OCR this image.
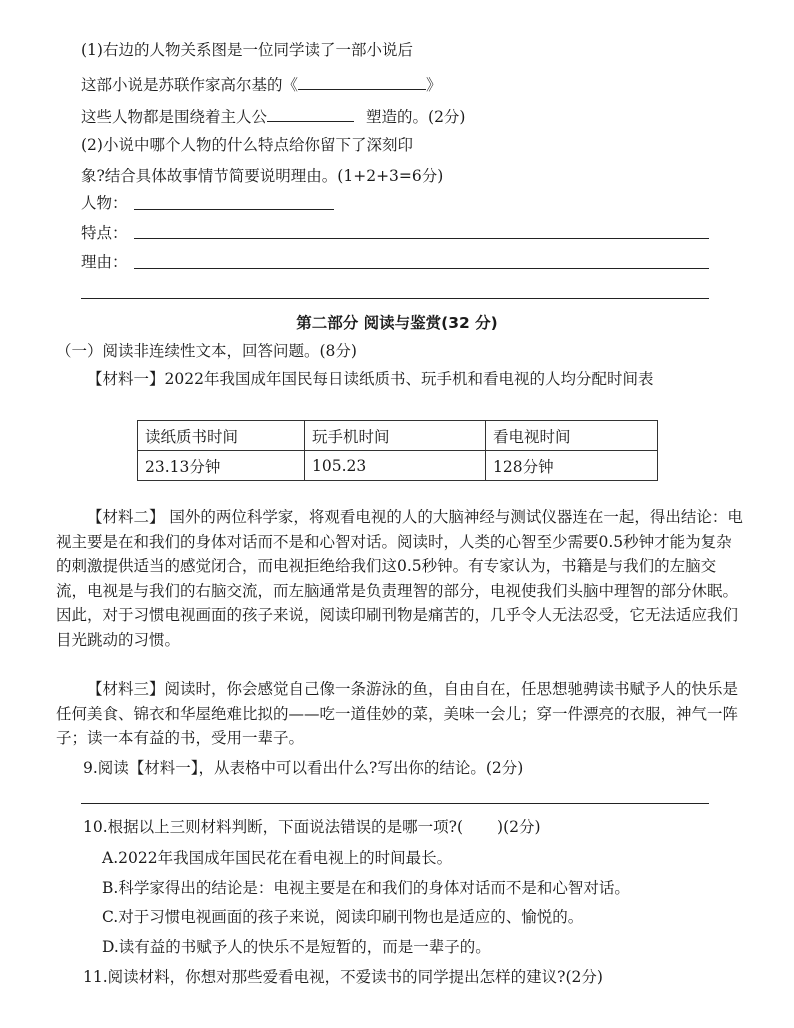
(1)右边的人物关系图是一位同学读了一部小说后
这部小说是苏联作家高尔基的《	》
这些人物都是围绕着主人公	塑造的。(2分)
(2)小说中哪个人物的什么特点给你留下了深刻印
象?结合具体故事情节简要说明理由。(1+2+3=6分)
人物：
特点：
理由：
第二部分 阅读与鉴赏(32 分)
（一）阅读非连续性文本，回答问题。(8分)
【材料一】2022年我国成年国民每日读纸质书、玩手机和看电视的人均分配时间表
读纸质书时间	玩手机时间	看电视时间
23.13分钟	105.23	128分钟
【材料二】 国外的两位科学家，将观看电视的人的大脑神经与测试仪器连在一起，得出结论：电视主要是在和我们的身体对话而不是和心智对话。阅读时，人类的心智至少需要0.5秒钟才能为复杂的刺激提供适当的感觉闭合，而电视拒绝给我们这0.5秒钟。有专家认为，书籍是与我们的左脑交流，电视是与我们的右脑交流，而左脑通常是负责理智的部分，电视使我们头脑中理智的部分休眠。因此，对于习惯电视画面的孩子来说，阅读印刷刊物是痛苦的，几乎令人无法忍受，它无法适应我们目光跳动的习惯。
【材料三】阅读时，你会感觉自己像一条游泳的鱼，自由自在，任思想驰骋读书赋予人的快乐是任何美食、锦衣和华屋绝难比拟的——吃一道佳妙的菜，美味一会儿；穿一件漂亮的衣服，神气一阵子；读一本有益的书，受用一辈子。
9.阅读【材料一】，从表格中可以看出什么?写出你的结论。(2分)
10.根据以上三则材料判断，下面说法错误的是哪一项?( )(2分)
A.2022年我国成年国民花在看电视上的时间最长。
B.科学家得出的结论是：电视主要是在和我们的身体对话而不是和心智对话。
C.对于习惯电视画面的孩子来说，阅读印刷刊物也是适应的、愉悦的。
D.读有益的书赋予人的快乐不是短暂的，而是一辈子的。
11.阅读材料，你想对那些爱看电视，不爱读书的同学提出怎样的建议?(2分)
